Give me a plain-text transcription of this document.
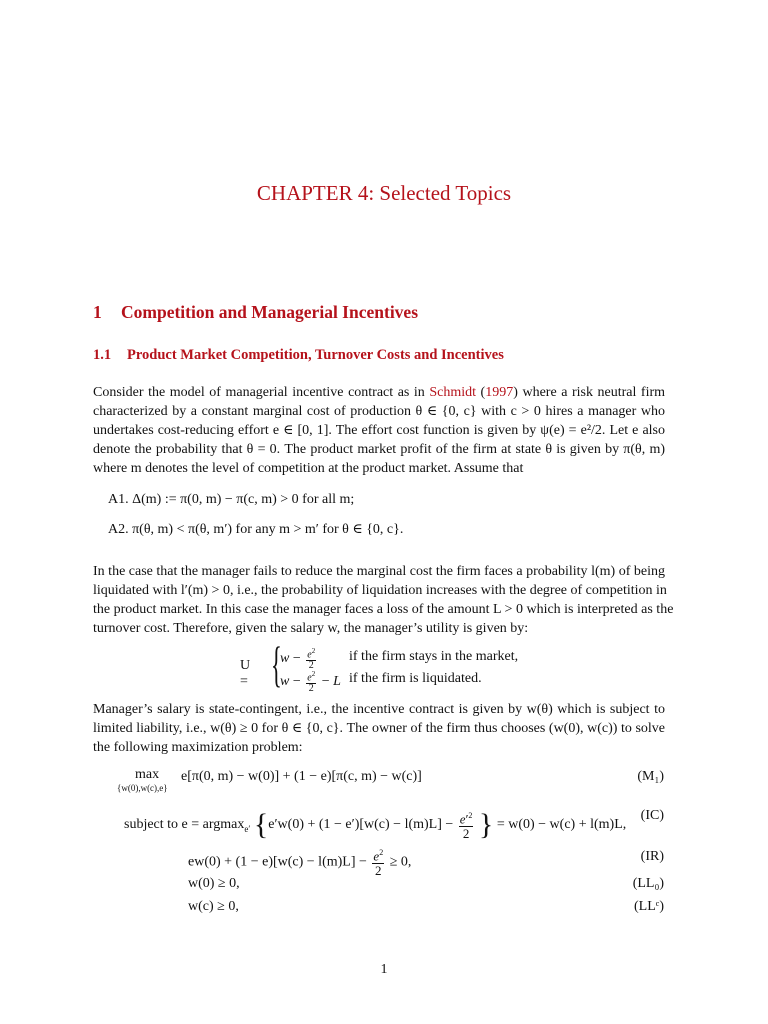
CHAPTER 4: Selected Topics
1 Competition and Managerial Incentives
1.1 Product Market Competition, Turnover Costs and Incentives
Consider the model of managerial incentive contract as in Schmidt (1997) where a risk neutral firm
characterized by a constant marginal cost of production θ ∈ {0, c} with c > 0 hires a manager who
undertakes cost-reducing effort e ∈ [0, 1]. The effort cost function is given by ψ(e) = e²/2. Let e also
denote the probability that θ = 0. The product market profit of the firm at state θ is given by π(θ, m)
where m denotes the level of competition at the product market. Assume that
A1. Δ(m) := π(0, m) − π(c, m) > 0 for all m;
A2. π(θ, m) < π(θ, m′) for any m > m′ for θ ∈ {0, c}.
In the case that the manager fails to reduce the marginal cost the firm faces a probability l(m) of being
liquidated with l′(m) > 0, i.e., the probability of liquidation increases with the degree of competition in
the product market. In this case the manager faces a loss of the amount L > 0 which is interpreted as the
turnover cost. Therefore, given the salary w, the manager’s utility is given by:
U = {
$w - \frac{e^2}{2}$ if the firm stays in the market,
$w - \frac{e^2}{2} - L$ if the firm is liquidated.
Manager’s salary is state-contingent, i.e., the incentive contract is given by w(θ) which is subject to
limited liability, i.e., w(θ) ≥ 0 for θ ∈ {0, c}. The owner of the firm thus chooses (w(0), w(c)) to solve
the following maximization problem:
max
{w(0),w(c),e}
e[π(0, m) − w(0)] + (1 − e)[π(c, m) − w(c)]	(M₁)
subject to e = argmax$_{e'}$ {$e'w(0) + (1 - e')[w(c) - l(m)L] - \frac{e'^2}{2}$ } = w(0) − w(c) + l(m)L,
(IC)
$ew(0) + (1 - e)[w(c) - l(m)L] - \frac{e^2}{2} \ge 0$,	(IR)
w(0) ≥ 0,	(LL₀)
w(c) ≥ 0,	(LLᶜ)
1
